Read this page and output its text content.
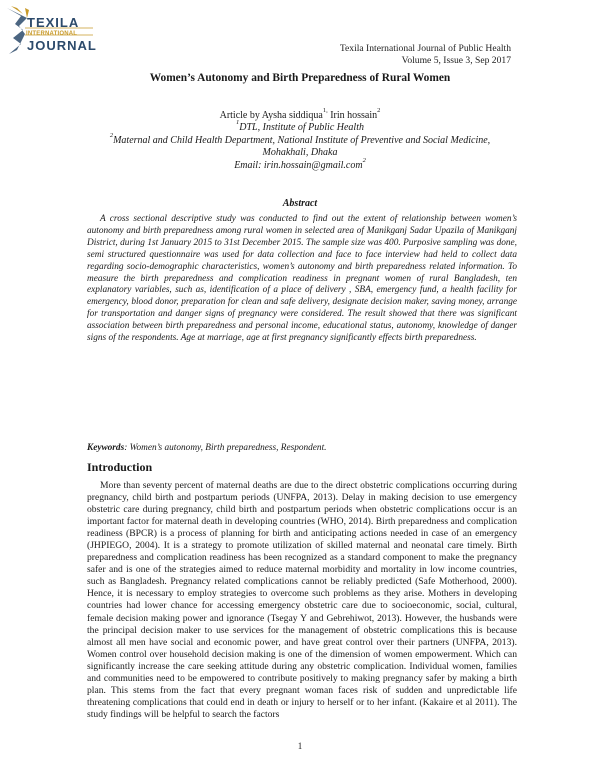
TEXILA
INTERNATIONAL
JOURNAL	Texila International Journal of Public Health
Volume 5, Issue 3, Sep 2017
Women’s Autonomy and Birth Preparedness of Rural Women
Article by Aysha siddiqua$^{1,}$ Irin hossain$^2$
$^1$DTL, Institute of Public Health
$^2$Maternal and Child Health Department, National Institute of Preventive and Social Medicine,
Mohakhali, Dhaka
Email: irin.hossain@gmail.com$^2$
Abstract

A cross sectional descriptive study was conducted to find out the extent of relationship between women’s autonomy and birth preparedness among rural women in selected area of Manikganj Sadar Upazila of Manikganj District, during 1st January 2015 to 31st December 2015. The sample size was 400. Purposive sampling was done, semi structured questionnaire was used for data collection and face to face interview had held to collect data regarding socio-demographic characteristics, women’s autonomy and birth preparedness related information. To measure the birth preparedness and complication readiness in pregnant women of rural Bangladesh, ten explanatory variables, such as, identification of a place of delivery , SBA, emergency fund, a health facility for emergency, blood donor, preparation for clean and safe delivery, designate decision maker, saving money, arrange for transportation and danger signs of pregnancy were considered. The result showed that there was significant association between birth preparedness and personal income, educational status, autonomy, knowledge of danger signs of the respondents. Age at marriage, age at first pregnancy significantly effects birth preparedness.

Keywords: Women’s autonomy, Birth preparedness, Respondent.

Introduction

More than seventy percent of maternal deaths are due to the direct obstetric complications occurring during pregnancy, child birth and postpartum periods (UNFPA, 2013). Delay in making decision to use emergency obstetric care during pregnancy, child birth and postpartum periods when obstetric complications occur is an important factor for maternal death in developing countries (WHO, 2014). Birth preparedness and complication readiness (BPCR) is a process of planning for birth and anticipating actions needed in case of an emergency (JHPIEGO, 2004). It is a strategy to promote utilization of skilled maternal and neonatal care timely. Birth preparedness and complication readiness has been recognized as a standard component to make the pregnancy safer and is one of the strategies aimed to reduce maternal morbidity and mortality in low income countries, such as Bangladesh. Pregnancy related complications cannot be reliably predicted (Safe Motherhood, 2000). Hence, it is necessary to employ strategies to overcome such problems as they arise. Mothers in developing countries had lower chance for accessing emergency obstetric care due to socioeconomic, social, cultural, female decision making power and ignorance (Tsegay Y and Gebrehiwot, 2013). However, the husbands were the principal decision maker to use services for the management of obstetric complications this is because almost all men have social and economic power, and have great control over their partners (UNFPA, 2013). Women control over household decision making is one of the dimension of women empowerment. Which can significantly increase the care seeking attitude during any obstetric complication. Individual women, families and communities need to be empowered to contribute positively to making pregnancy safer by making a birth plan. This stems from the fact that every pregnant woman faces risk of sudden and unpredictable life threatening complications that could end in death or injury to herself or to her infant. (Kakaire et al 2011). The study findings will be helpful to search the factors

1
